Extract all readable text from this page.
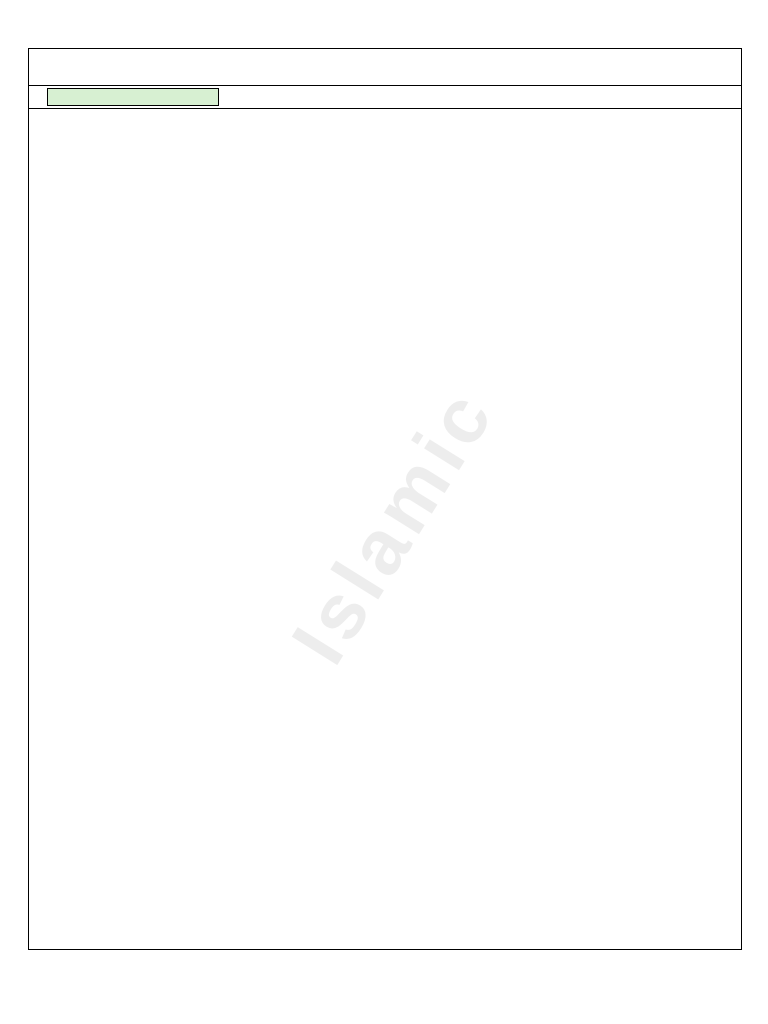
Islamic
